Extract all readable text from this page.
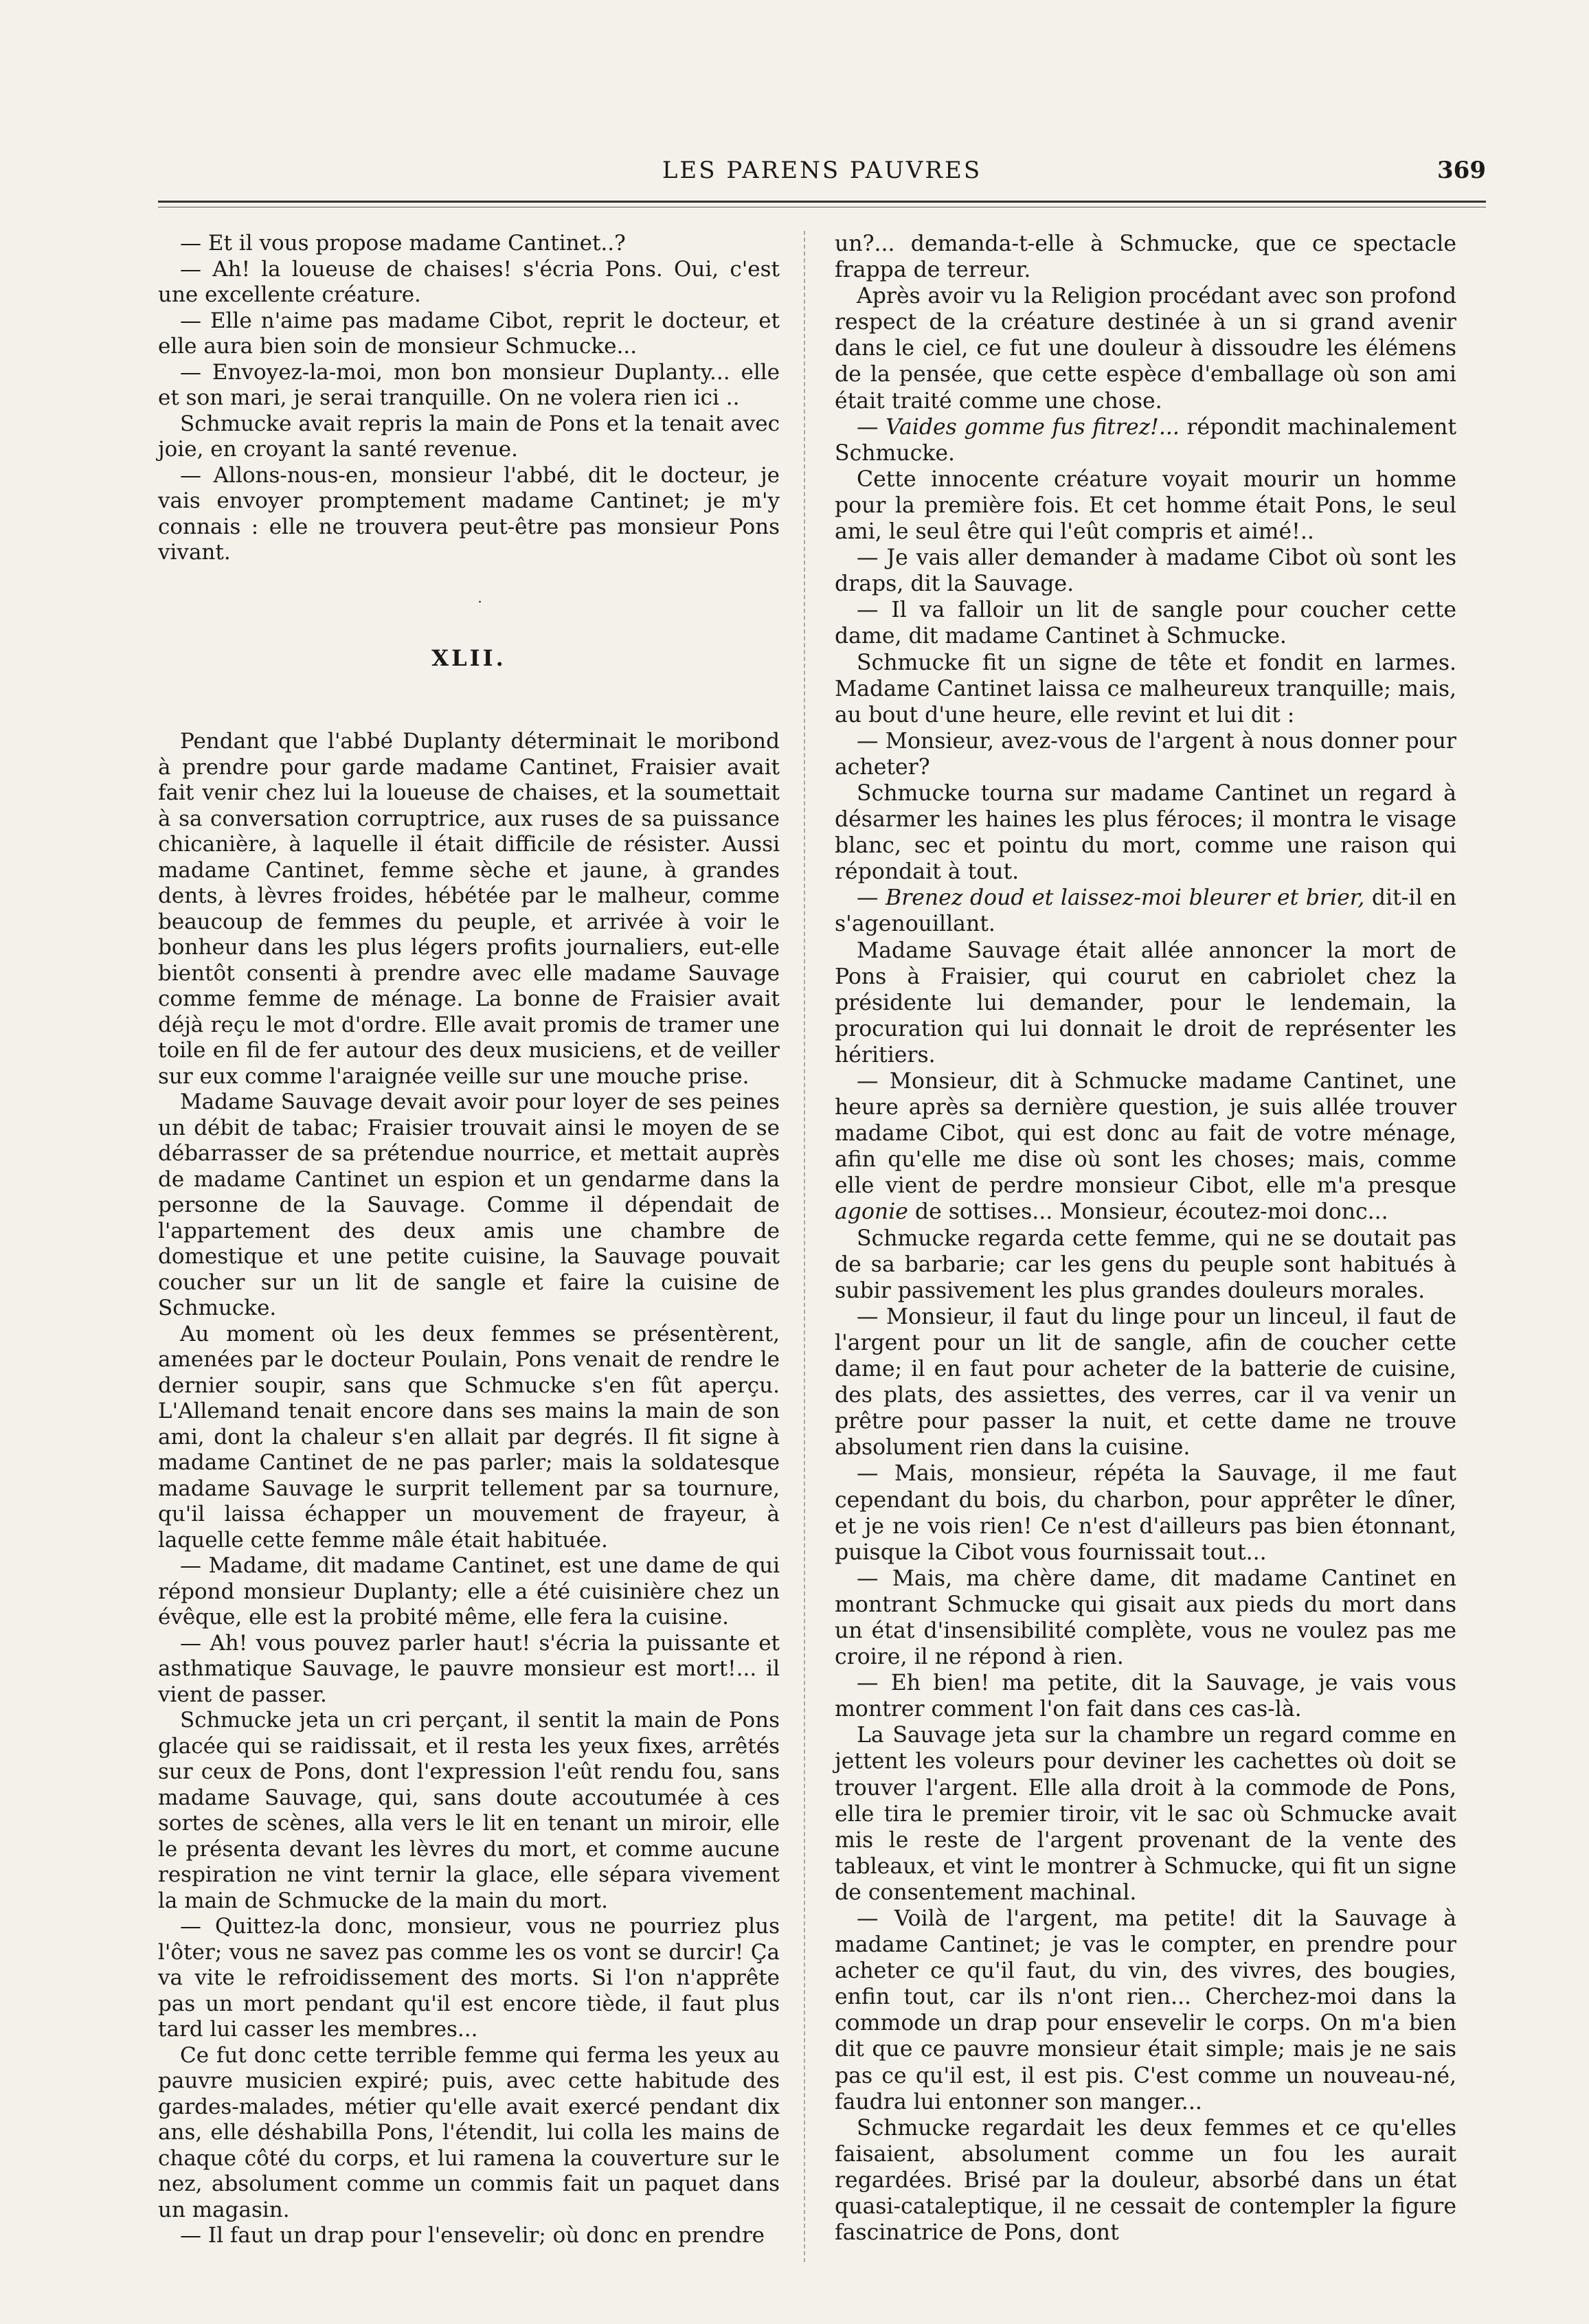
LES PARENS PAUVRES	369

— Et il vous propose madame Cantinet..?

— Ah! la loueuse de chaises! s'écria Pons. Oui, c'est une excellente créature.

— Elle n'aime pas madame Cibot, reprit le docteur, et elle aura bien soin de monsieur Schmucke...

— Envoyez-la-moi, mon bon monsieur Duplanty... elle et son mari, je serai tranquille. On ne volera rien ici ..

Schmucke avait repris la main de Pons et la tenait avec joie, en croyant la santé revenue.

— Allons-nous-en, monsieur l'abbé, dit le docteur, je vais envoyer promptement madame Cantinet; je m'y connais : elle ne trouvera peut-être pas monsieur Pons vivant.

.

XLII.

Pendant que l'abbé Duplanty déterminait le moribond à prendre pour garde madame Cantinet, Fraisier avait fait venir chez lui la loueuse de chaises, et la soumettait à sa conversation corruptrice, aux ruses de sa puissance chicanière, à laquelle il était difficile de résister. Aussi madame Cantinet, femme sèche et jaune, à grandes dents, à lèvres froides, hébétée par le malheur, comme beaucoup de femmes du peuple, et arrivée à voir le bonheur dans les plus légers profits journaliers, eut-elle bientôt consenti à prendre avec elle madame Sauvage comme femme de ménage. La bonne de Fraisier avait déjà reçu le mot d'ordre. Elle avait promis de tramer une toile en fil de fer autour des deux musiciens, et de veiller sur eux comme l'araignée veille sur une mouche prise.

Madame Sauvage devait avoir pour loyer de ses peines un débit de tabac; Fraisier trouvait ainsi le moyen de se débarrasser de sa prétendue nourrice, et mettait auprès de madame Cantinet un espion et un gendarme dans la personne de la Sauvage. Comme il dépendait de l'appartement des deux amis une chambre de domestique et une petite cuisine, la Sauvage pouvait coucher sur un lit de sangle et faire la cuisine de Schmucke.

Au moment où les deux femmes se présentèrent, amenées par le docteur Poulain, Pons venait de rendre le dernier soupir, sans que Schmucke s'en fût aperçu. L'Allemand tenait encore dans ses mains la main de son ami, dont la chaleur s'en allait par degrés. Il fit signe à madame Cantinet de ne pas parler; mais la soldatesque madame Sauvage le surprit tellement par sa tournure, qu'il laissa échapper un mouvement de frayeur, à laquelle cette femme mâle était habituée.

— Madame, dit madame Cantinet, est une dame de qui répond monsieur Duplanty; elle a été cuisinière chez un évêque, elle est la probité même, elle fera la cuisine.

— Ah! vous pouvez parler haut! s'écria la puissante et asthmatique Sauvage, le pauvre monsieur est mort!... il vient de passer.

Schmucke jeta un cri perçant, il sentit la main de Pons glacée qui se raidissait, et il resta les yeux fixes, arrêtés sur ceux de Pons, dont l'expression l'eût rendu fou, sans madame Sauvage, qui, sans doute accoutumée à ces sortes de scènes, alla vers le lit en tenant un miroir, elle le présenta devant les lèvres du mort, et comme aucune respiration ne vint ternir la glace, elle sépara vivement la main de Schmucke de la main du mort.

— Quittez-la donc, monsieur, vous ne pourriez plus l'ôter; vous ne savez pas comme les os vont se durcir! Ça va vite le refroidissement des morts. Si l'on n'apprête pas un mort pendant qu'il est encore tiède, il faut plus tard lui casser les membres...

Ce fut donc cette terrible femme qui ferma les yeux au pauvre musicien expiré; puis, avec cette habitude des gardes-malades, métier qu'elle avait exercé pendant dix ans, elle déshabilla Pons, l'étendit, lui colla les mains de chaque côté du corps, et lui ramena la couverture sur le nez, absolument comme un commis fait un paquet dans un magasin.

— Il faut un drap pour l'ensevelir; où donc en prendre

un?... demanda-t-elle à Schmucke, que ce spectacle frappa de terreur.

Après avoir vu la Religion procédant avec son profond respect de la créature destinée à un si grand avenir dans le ciel, ce fut une douleur à dissoudre les élémens de la pensée, que cette espèce d'emballage où son ami était traité comme une chose.

— Vaides gomme fus fitrez!... répondit machinalement Schmucke.

Cette innocente créature voyait mourir un homme pour la première fois. Et cet homme était Pons, le seul ami, le seul être qui l'eût compris et aimé!..

— Je vais aller demander à madame Cibot où sont les draps, dit la Sauvage.

— Il va falloir un lit de sangle pour coucher cette dame, dit madame Cantinet à Schmucke.

Schmucke fit un signe de tête et fondit en larmes. Madame Cantinet laissa ce malheureux tranquille; mais, au bout d'une heure, elle revint et lui dit :

— Monsieur, avez-vous de l'argent à nous donner pour acheter?

Schmucke tourna sur madame Cantinet un regard à désarmer les haines les plus féroces; il montra le visage blanc, sec et pointu du mort, comme une raison qui répondait à tout.

— Brenez doud et laissez-moi bleurer et brier, dit-il en s'agenouillant.

Madame Sauvage était allée annoncer la mort de Pons à Fraisier, qui courut en cabriolet chez la présidente lui demander, pour le lendemain, la procuration qui lui donnait le droit de représenter les héritiers.

— Monsieur, dit à Schmucke madame Cantinet, une heure après sa dernière question, je suis allée trouver madame Cibot, qui est donc au fait de votre ménage, afin qu'elle me dise où sont les choses; mais, comme elle vient de perdre monsieur Cibot, elle m'a presque agonie de sottises... Monsieur, écoutez-moi donc...

Schmucke regarda cette femme, qui ne se doutait pas de sa barbarie; car les gens du peuple sont habitués à subir passivement les plus grandes douleurs morales.

— Monsieur, il faut du linge pour un linceul, il faut de l'argent pour un lit de sangle, afin de coucher cette dame; il en faut pour acheter de la batterie de cuisine, des plats, des assiettes, des verres, car il va venir un prêtre pour passer la nuit, et cette dame ne trouve absolument rien dans la cuisine.

— Mais, monsieur, répéta la Sauvage, il me faut cependant du bois, du charbon, pour apprêter le dîner, et je ne vois rien! Ce n'est d'ailleurs pas bien étonnant, puisque la Cibot vous fournissait tout...

— Mais, ma chère dame, dit madame Cantinet en montrant Schmucke qui gisait aux pieds du mort dans un état d'insensibilité complète, vous ne voulez pas me croire, il ne répond à rien.

— Eh bien! ma petite, dit la Sauvage, je vais vous montrer comment l'on fait dans ces cas-là.

La Sauvage jeta sur la chambre un regard comme en jettent les voleurs pour deviner les cachettes où doit se trouver l'argent. Elle alla droit à la commode de Pons, elle tira le premier tiroir, vit le sac où Schmucke avait mis le reste de l'argent provenant de la vente des tableaux, et vint le montrer à Schmucke, qui fit un signe de consentement machinal.

— Voilà de l'argent, ma petite! dit la Sauvage à madame Cantinet; je vas le compter, en prendre pour acheter ce qu'il faut, du vin, des vivres, des bougies, enfin tout, car ils n'ont rien... Cherchez-moi dans la commode un drap pour ensevelir le corps. On m'a bien dit que ce pauvre monsieur était simple; mais je ne sais pas ce qu'il est, il est pis. C'est comme un nouveau-né, faudra lui entonner son manger...

Schmucke regardait les deux femmes et ce qu'elles faisaient, absolument comme un fou les aurait regardées. Brisé par la douleur, absorbé dans un état quasi-cataleptique, il ne cessait de contempler la figure fascinatrice de Pons, dont
